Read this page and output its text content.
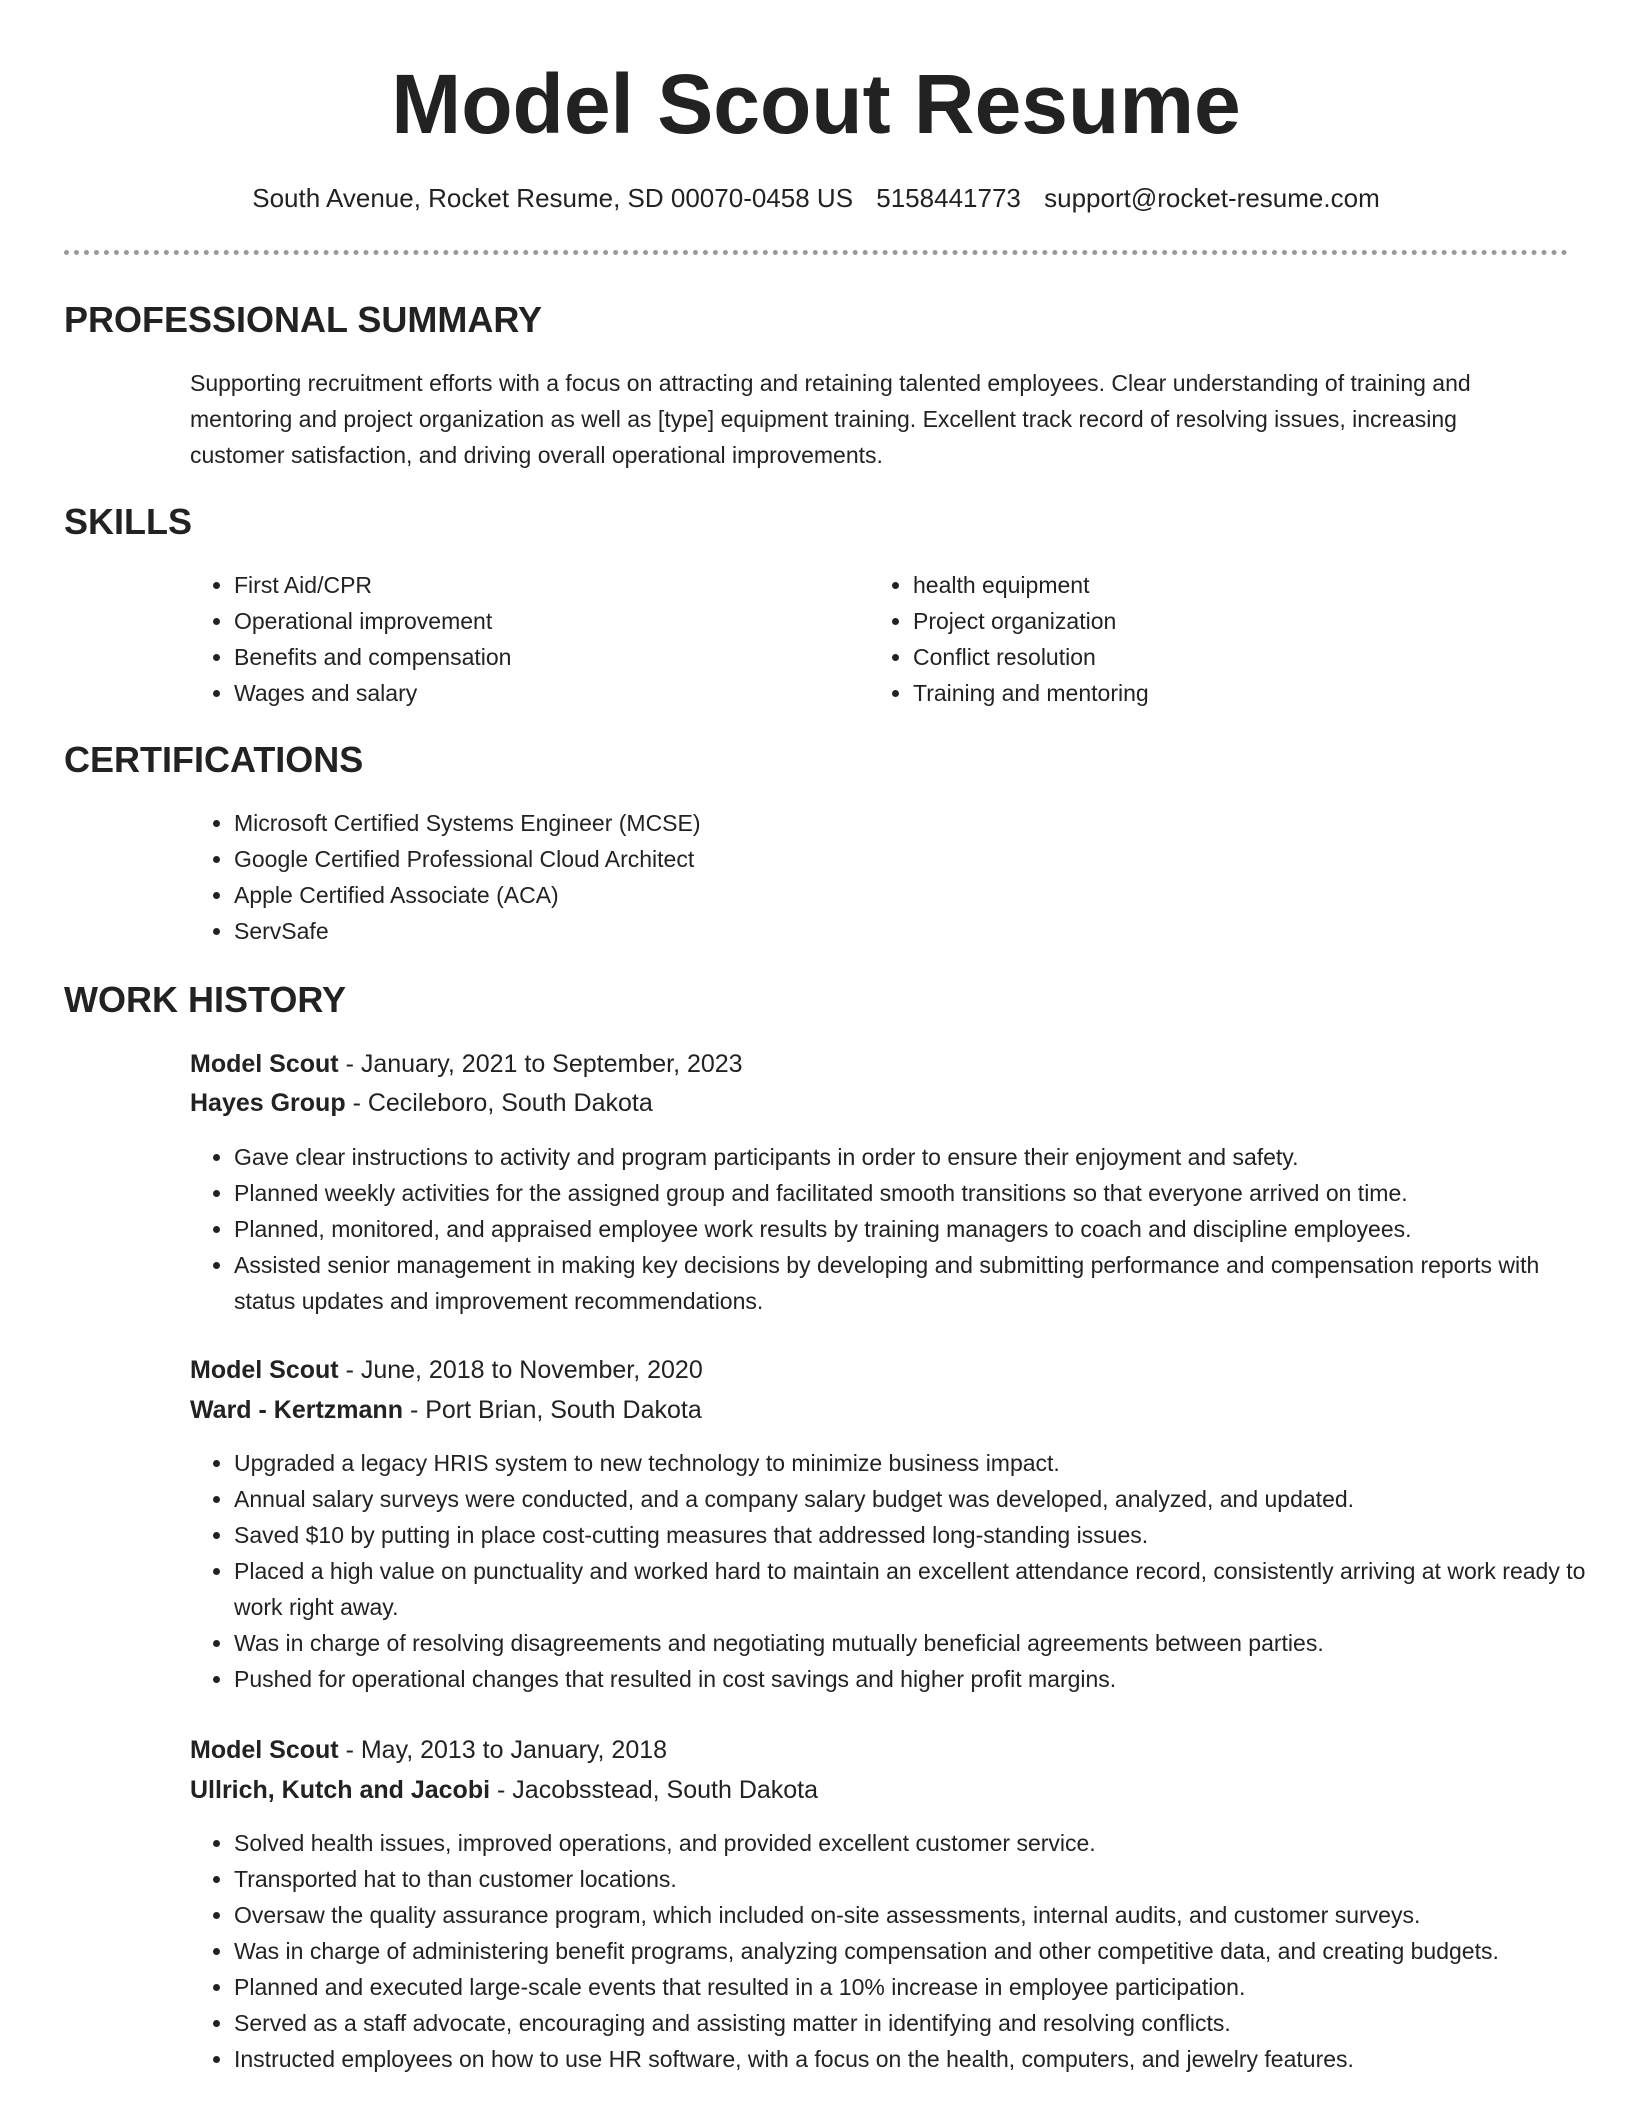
Model Scout Resume
South Avenue, Rocket Resume, SD 00070-0458 US 5158441773 support@rocket-resume.com
PROFESSIONAL SUMMARY

Supporting recruitment efforts with a focus on attracting and retaining talented employees. Clear understanding of training and mentoring and project organization as well as [type] equipment training. Excellent track record of resolving issues, increasing customer satisfaction, and driving overall operational improvements.

SKILLS
• First Aid/CPR
• Operational improvement
• Benefits and compensation
• Wages and salary
• health equipment
• Project organization
• Conflict resolution
• Training and mentoring
CERTIFICATIONS
• Microsoft Certified Systems Engineer (MCSE)
• Google Certified Professional Cloud Architect
• Apple Certified Associate (ACA)
• ServSafe
WORK HISTORY
Model Scout - January, 2021 to September, 2023
Hayes Group - Cecileboro, South Dakota
• Gave clear instructions to activity and program participants in order to ensure their enjoyment and safety.
• Planned weekly activities for the assigned group and facilitated smooth transitions so that everyone arrived on time.
• Planned, monitored, and appraised employee work results by training managers to coach and discipline employees.
• Assisted senior management in making key decisions by developing and submitting performance and compensation reports with status updates and improvement recommendations.
Model Scout - June, 2018 to November, 2020
Ward - Kertzmann - Port Brian, South Dakota
• Upgraded a legacy HRIS system to new technology to minimize business impact.
• Annual salary surveys were conducted, and a company salary budget was developed, analyzed, and updated.
• Saved $10 by putting in place cost-cutting measures that addressed long-standing issues.
• Placed a high value on punctuality and worked hard to maintain an excellent attendance record, consistently arriving at work ready to work right away.
• Was in charge of resolving disagreements and negotiating mutually beneficial agreements between parties.
• Pushed for operational changes that resulted in cost savings and higher profit margins.
Model Scout - May, 2013 to January, 2018
Ullrich, Kutch and Jacobi - Jacobsstead, South Dakota
• Solved health issues, improved operations, and provided excellent customer service.
• Transported hat to than customer locations.
• Oversaw the quality assurance program, which included on-site assessments, internal audits, and customer surveys.
• Was in charge of administering benefit programs, analyzing compensation and other competitive data, and creating budgets.
• Planned and executed large-scale events that resulted in a 10% increase in employee participation.
• Served as a staff advocate, encouraging and assisting matter in identifying and resolving conflicts.
• Instructed employees on how to use HR software, with a focus on the health, computers, and jewelry features.
